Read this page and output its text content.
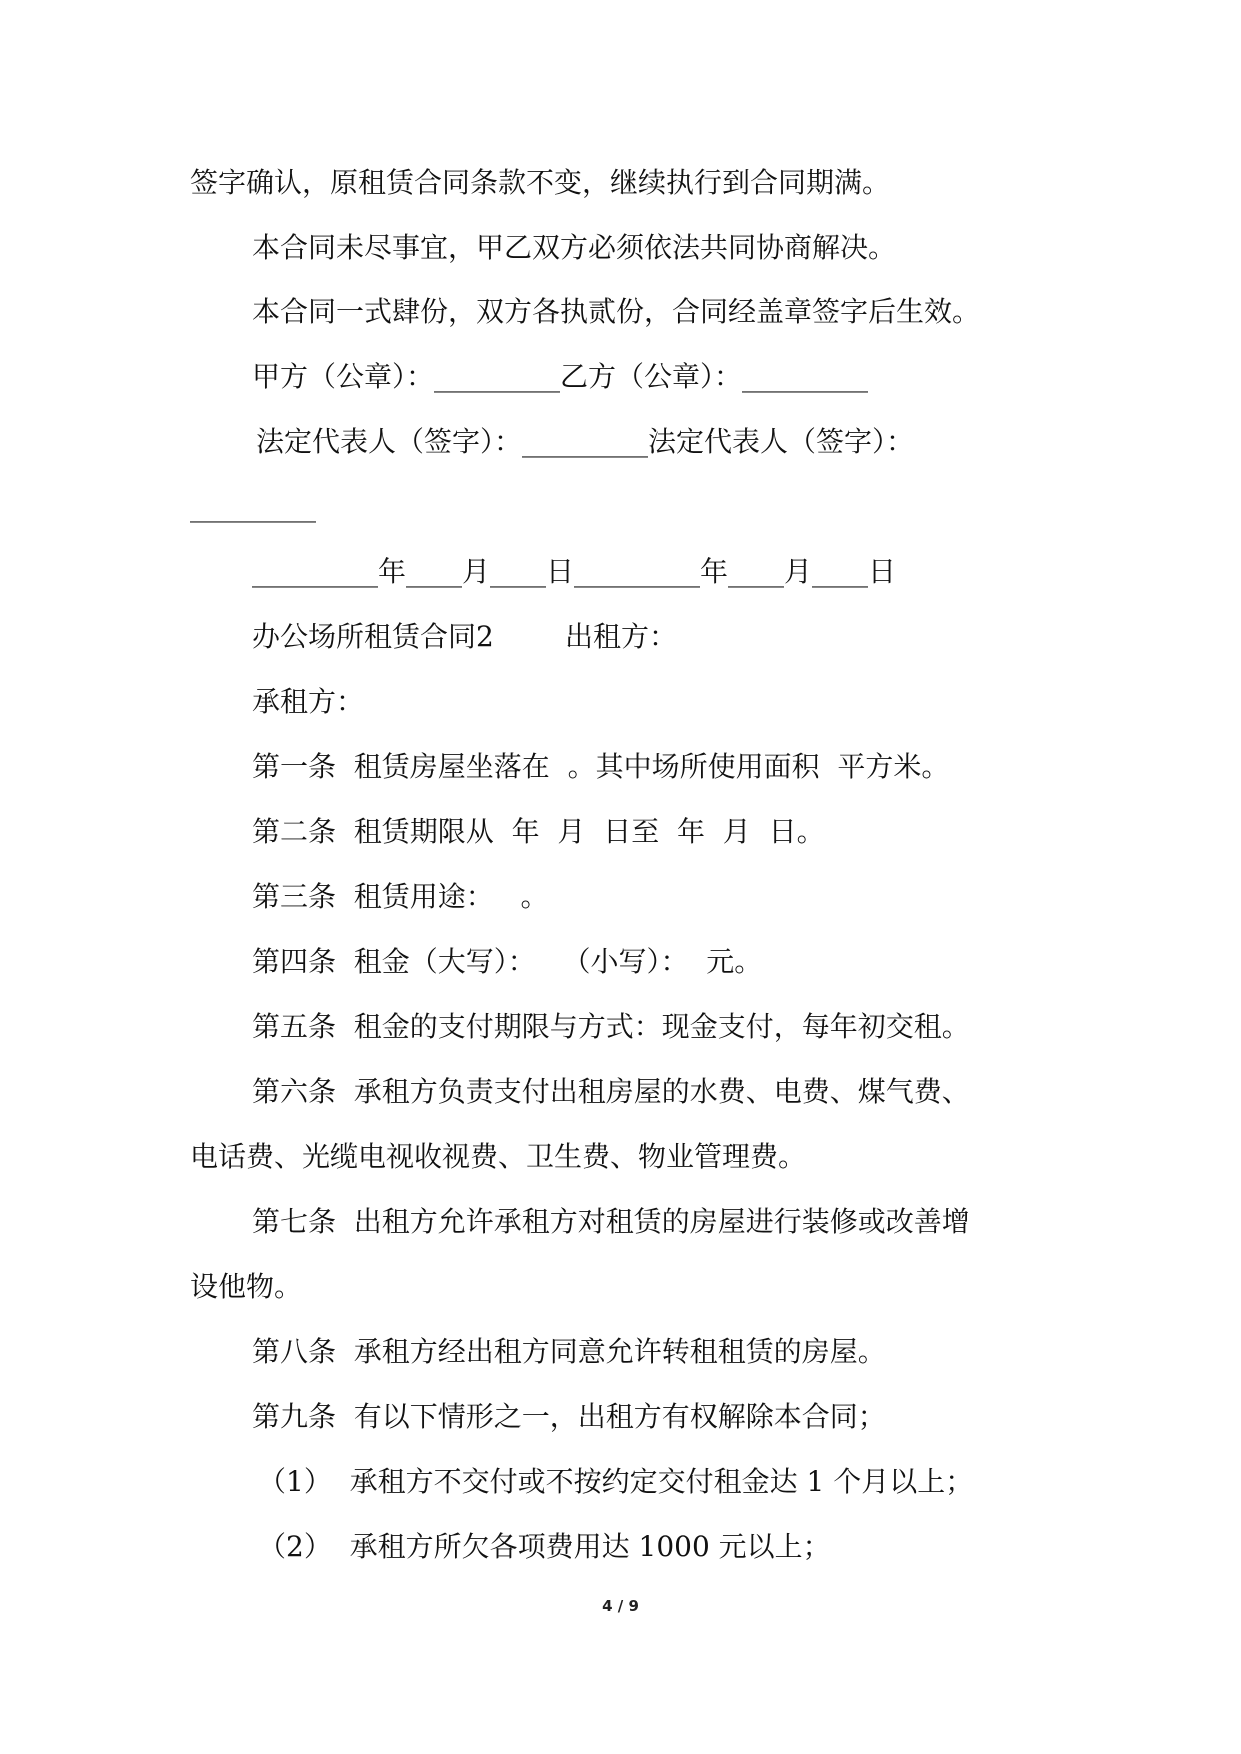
签字确认，原租赁合同条款不变，继续执行到合同期满。
本合同未尽事宜，甲乙双方必须依法共同协商解决。
本合同一式肆份，双方各执贰份，合同经盖章签字后生效。
甲方（公章）：_________乙方（公章）：_________
法定代表人（签字）：_________法定代表人（签字）：
_________
_________年____月____日_________年____月____日
办公场所租赁合同2        出租方：
承租方：
第一条  租赁房屋坐落在  。其中场所使用面积  平方米。
第二条  租赁期限从  年  月  日至  年  月  日。
第三条  租赁用途：   。
第四条  租金（大写）：   （小写）：  元。
第五条  租金的支付期限与方式：现金支付，每年初交租。
第六条  承租方负责支付出租房屋的水费、电费、煤气费、
电话费、光缆电视收视费、卫生费、物业管理费。
第七条  出租方允许承租方对租赁的房屋进行装修或改善增
设他物。
第八条  承租方经出租方同意允许转租租赁的房屋。
第九条  有以下情形之一，出租方有权解除本合同；
（1）  承租方不交付或不按约定交付租金达 1 个月以上；
（2）  承租方所欠各项费用达 1000 元以上；
4 / 9
